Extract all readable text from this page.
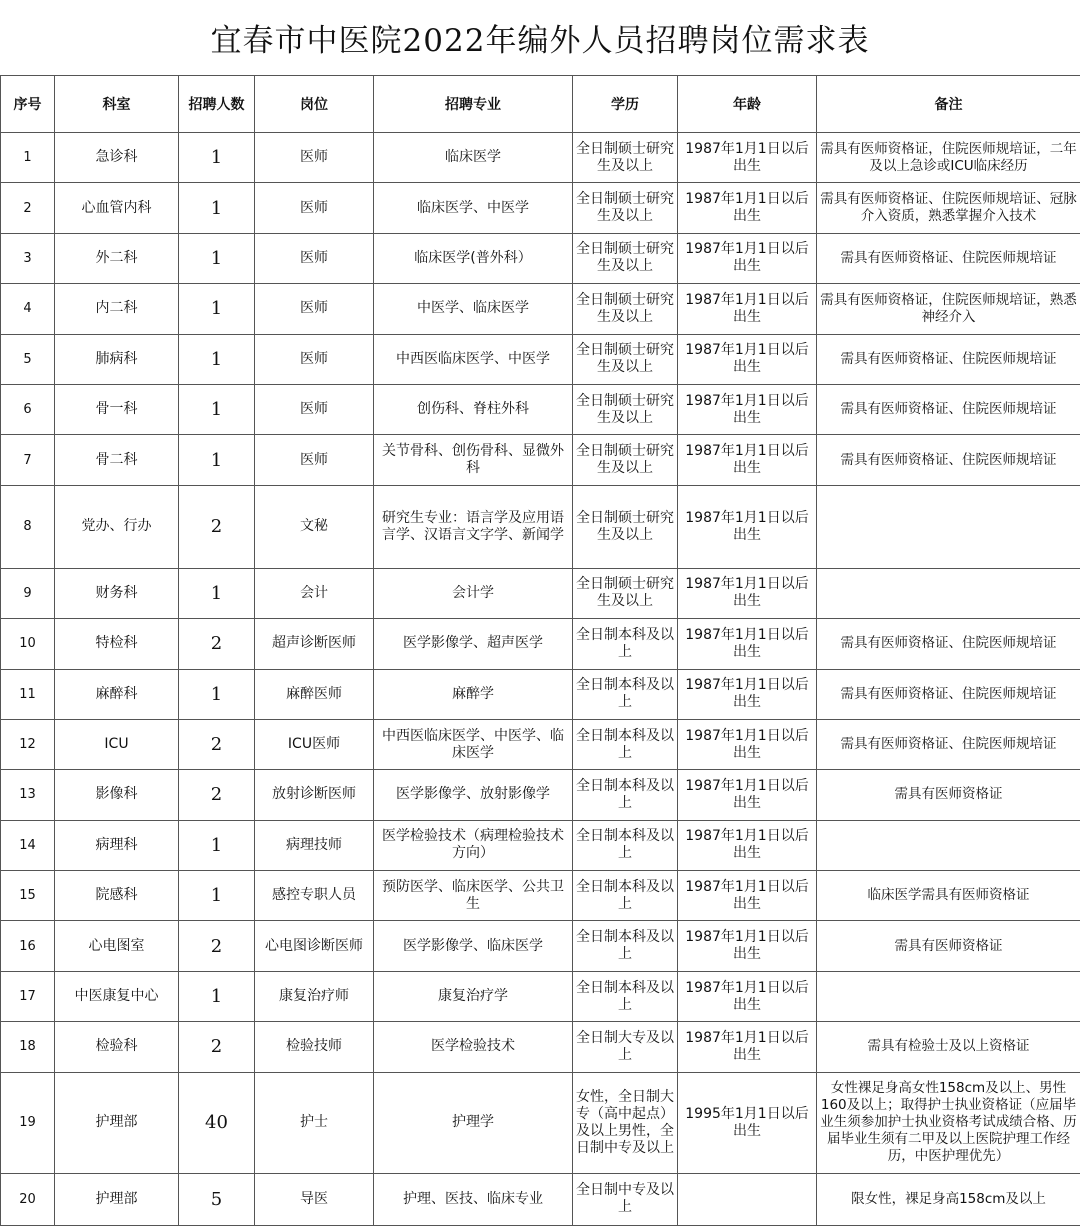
宜春市中医院2022年编外人员招聘岗位需求表
序号	科室	招聘人数	岗位	招聘专业	学历	年龄	备注
1	急诊科	1	医师	临床医学	全日制硕士研究生及以上	1987年1月1日以后出生	需具有医师资格证，住院医师规培证，二年及以上急诊或ICU临床经历
2	心血管内科	1	医师	临床医学、中医学	全日制硕士研究生及以上	1987年1月1日以后出生	需具有医师资格证、住院医师规培证、冠脉介入资质，熟悉掌握介入技术
3	外二科	1	医师	临床医学(普外科）	全日制硕士研究生及以上	1987年1月1日以后出生	需具有医师资格证、住院医师规培证
4	内二科	1	医师	中医学、临床医学	全日制硕士研究生及以上	1987年1月1日以后出生	需具有医师资格证，住院医师规培证，熟悉神经介入
5	肺病科	1	医师	中西医临床医学、中医学	全日制硕士研究生及以上	1987年1月1日以后出生	需具有医师资格证、住院医师规培证
6	骨一科	1	医师	创伤科、脊柱外科	全日制硕士研究生及以上	1987年1月1日以后出生	需具有医师资格证、住院医师规培证
7	骨二科	1	医师	关节骨科、创伤骨科、显微外科	全日制硕士研究生及以上	1987年1月1日以后出生	需具有医师资格证、住院医师规培证
8	党办、行办	2	文秘	研究生专业：语言学及应用语言学、汉语言文字学、新闻学	全日制硕士研究生及以上	1987年1月1日以后出生	
9	财务科	1	会计	会计学	全日制硕士研究生及以上	1987年1月1日以后出生	
10	特检科	2	超声诊断医师	医学影像学、超声医学	全日制本科及以上	1987年1月1日以后出生	需具有医师资格证、住院医师规培证
11	麻醉科	1	麻醉医师	麻醉学	全日制本科及以上	1987年1月1日以后出生	需具有医师资格证、住院医师规培证
12	ICU	2	ICU医师	中西医临床医学、中医学、临床医学	全日制本科及以上	1987年1月1日以后出生	需具有医师资格证、住院医师规培证
13	影像科	2	放射诊断医师	医学影像学、放射影像学	全日制本科及以上	1987年1月1日以后出生	需具有医师资格证
14	病理科	1	病理技师	医学检验技术（病理检验技术方向）	全日制本科及以上	1987年1月1日以后出生	
15	院感科	1	感控专职人员	预防医学、临床医学、公共卫生	全日制本科及以上	1987年1月1日以后出生	临床医学需具有医师资格证
16	心电图室	2	心电图诊断医师	医学影像学、临床医学	全日制本科及以上	1987年1月1日以后出生	需具有医师资格证
17	中医康复中心	1	康复治疗师	康复治疗学	全日制本科及以上	1987年1月1日以后出生	
18	检验科	2	检验技师	医学检验技术	全日制大专及以上	1987年1月1日以后出生	需具有检验士及以上资格证
19	护理部	40	护士	护理学	女性，全日制大专（高中起点）及以上男性，全日制中专及以上	1995年1月1日以后出生	女性裸足身高女性158cm及以上、男性160及以上；取得护士执业资格证（应届毕业生须参加护士执业资格考试成绩合格、历届毕业生须有二甲及以上医院护理工作经历，中医护理优先）
20	护理部	5	导医	护理、医技、临床专业	全日制中专及以上		限女性，裸足身高158cm及以上
